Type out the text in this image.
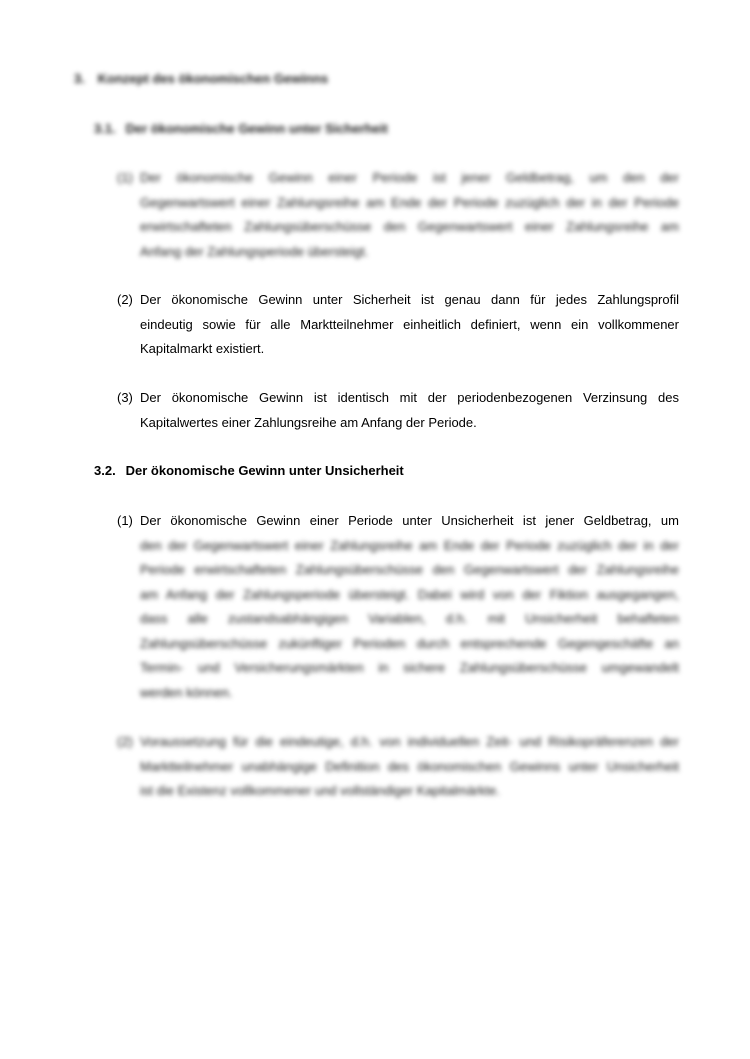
3. Konzept des ökonomischen Gewinns
3.1. Der ökonomische Gewinn unter Sicherheit
(1) Der ökonomische Gewinn einer Periode ist jener Geldbetrag, um den der
Gegenwartswert einer Zahlungsreihe am Ende der Periode zuzüglich der in der Periode
erwirtschafteten Zahlungsüberschüsse den Gegenwartswert einer Zahlungsreihe am
Anfang der Zahlungsperiode übersteigt.
(2) Der ökonomische Gewinn unter Sicherheit ist genau dann für jedes Zahlungsprofil
eindeutig sowie für alle Marktteilnehmer einheitlich definiert, wenn ein vollkommener
Kapitalmarkt existiert.
(3) Der ökonomische Gewinn ist identisch mit der periodenbezogenen Verzinsung des
Kapitalwertes einer Zahlungsreihe am Anfang der Periode.
3.2. Der ökonomische Gewinn unter Unsicherheit
(1) Der ökonomische Gewinn einer Periode unter Unsicherheit ist jener Geldbetrag, um
den der Gegenwartswert einer Zahlungsreihe am Ende der Periode zuzüglich der in der
Periode erwirtschafteten Zahlungsüberschüsse den Gegenwartswert der Zahlungsreihe
am Anfang der Zahlungsperiode übersteigt. Dabei wird von der Fiktion ausgegangen,
dass alle zustandsabhängigen Variablen, d.h. mit Unsicherheit behafteten
Zahlungsüberschüsse zukünftiger Perioden durch entsprechende Gegengeschäfte an
Termin- und Versicherungsmärkten in sichere Zahlungsüberschüsse umgewandelt
werden können.
(2) Voraussetzung für die eindeutige, d.h. von individuellen Zeit- und Risikopräferenzen der
Marktteilnehmer unabhängige Definition des ökonomischen Gewinns unter Unsicherheit
ist die Existenz vollkommener und vollständiger Kapitalmärkte.
